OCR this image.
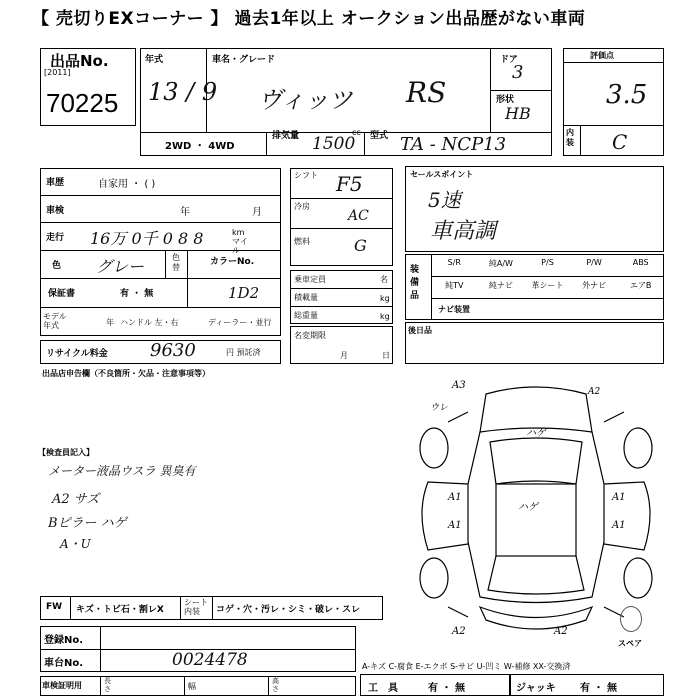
【 売切りEXコーナー 】 過去1年以上 オークション出品歴がない車両
出品No.
[2011]
70225
年式
13 / 9
車名・グレード
ヴィッツ RS
ドア
3
形状
HB
2WD ・ 4WD
排気量	cc
1500 型式 TA - NCP13
評価点
3.5
内装 C
車歴	自家用 ・ ( )
車検	年	月
走行 16万 0千 0 8 8	km マイル
色 グレー	色替
カラーNo.
保証書	有 ・ 無	1D2
モデル年式	年 ハンドル 左・右	ディーラー・並行
リサイクル料金 9630	円 預託済
シフト F5
冷房
AC
燃料	G
乗車定員	名
積載量	kg
総重量	kg
名変期限
月	日
セールスポイント
5速
車高調
装備品
S/R	純A/W	P/S	P/W	ABS
純TV	純ナビ	革シート	外ナビ	エアB
ナビ装置
後日品
出品店申告欄（不良箇所・欠品・注意事項等）
【検査員記入】
メーター液晶ウスラ 異臭有
A2 サズ
Bピラー ハゲ
A・U
A3
ウレ
A2
ハゲ
ハゲ
A1	A1
A1	A1
A2	A2
スペア
FW キズ・トビ石・割レX
シート内装	コゲ・穴・汚レ・シミ・破レ・スレ
登録No.
車台No.	0024478
車検証明用	長さ	幅
高さ
A-キズ C-腐食 E-エクボ S-サビ U-凹ミ W-補修 XX-交換済
工　具	有 ・ 無	ジャッキ 有 ・ 無
